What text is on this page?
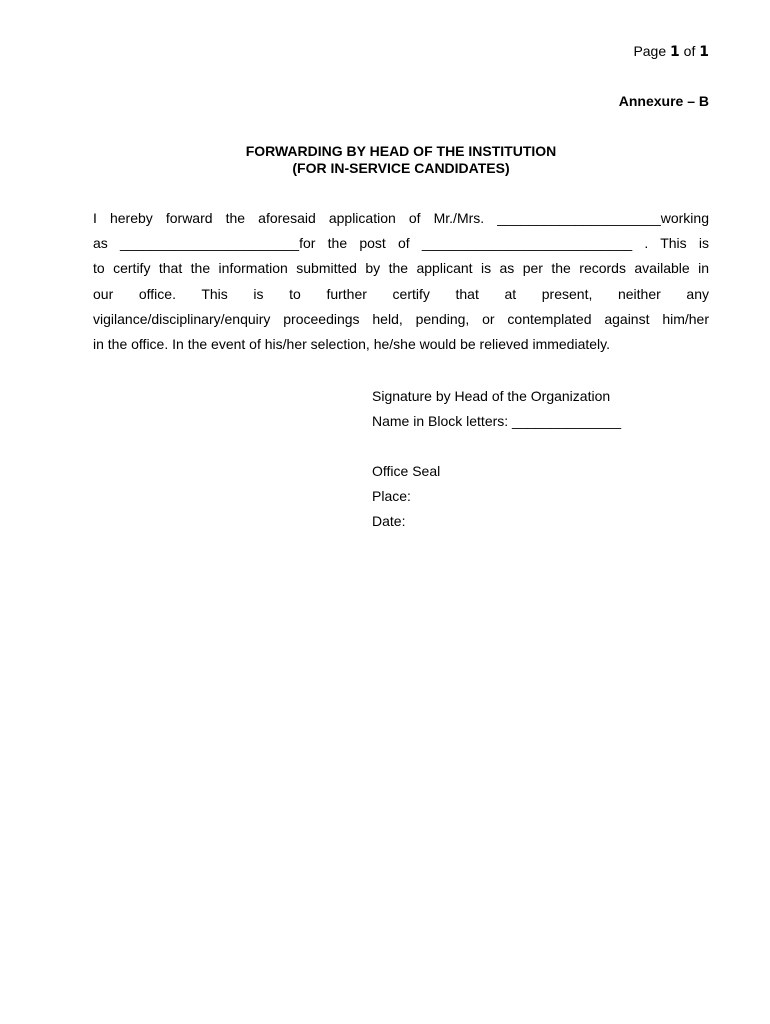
Page 1 of 1
Annexure – B
FORWARDING BY HEAD OF THE INSTITUTION
(FOR IN-SERVICE CANDIDATES)
I hereby forward the aforesaid application of Mr./Mrs. _____________________working
as _______________________for the post of ___________________________ . This is
to certify that the information submitted by the applicant is as per the records available in
our office. This is to further certify that at present, neither any
vigilance/disciplinary/enquiry proceedings held, pending, or contemplated against him/her
in the office. In the event of his/her selection, he/she would be relieved immediately.
Signature by Head of the Organization
Name in Block letters: ______________
Office Seal
Place:
Date:
